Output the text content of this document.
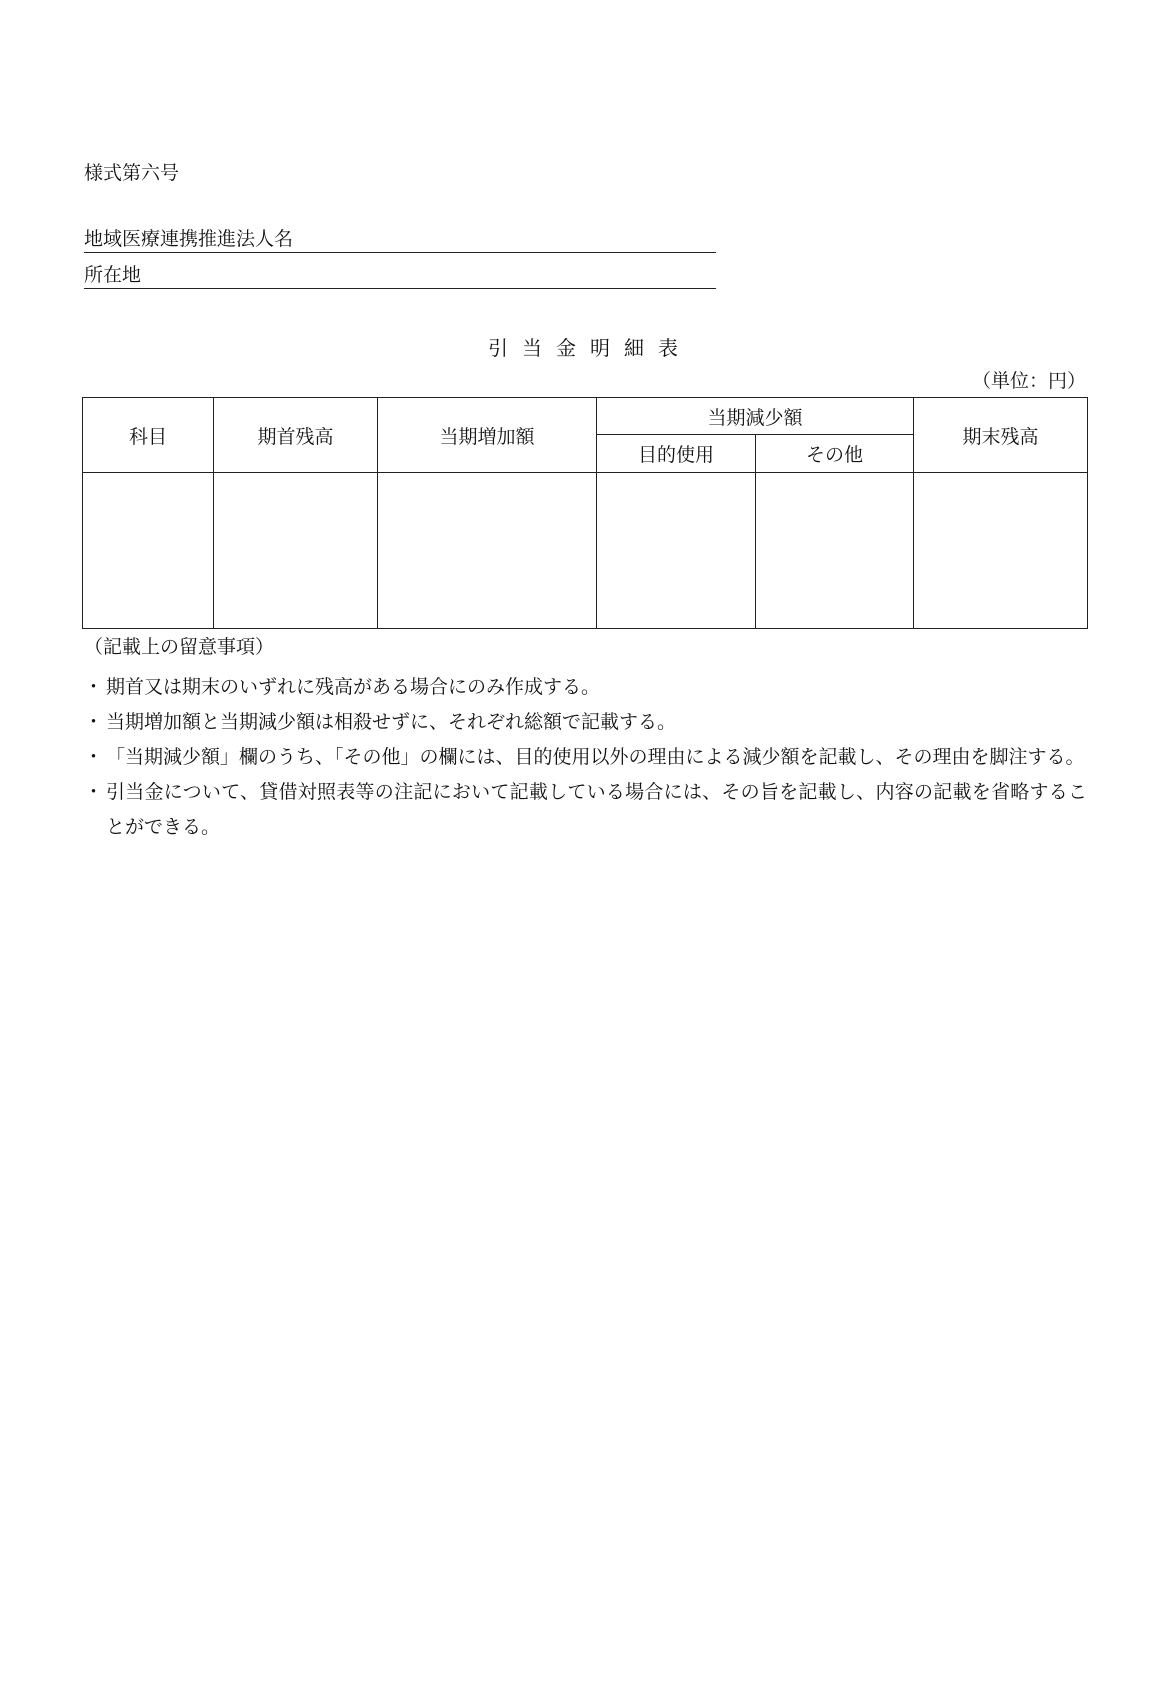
様式第六号
地域医療連携推進法人名
所在地
引当金明細表
（単位：円）
科目	期首残高	当期増加額	当期減少額		期末残高
			目的使用	その他	

（記載上の留意事項）
・ 期首又は期末のいずれに残高がある場合にのみ作成する。
・ 当期増加額と当期減少額は相殺せずに、それぞれ総額で記載する。
・ 「当期減少額」欄のうち、「その他」の欄には、目的使用以外の理由による減少額を記載し、その理由を脚注する。
・ 引当金について、貸借対照表等の注記において記載している場合には、その旨を記載し、内容の記載を省略することができる。
